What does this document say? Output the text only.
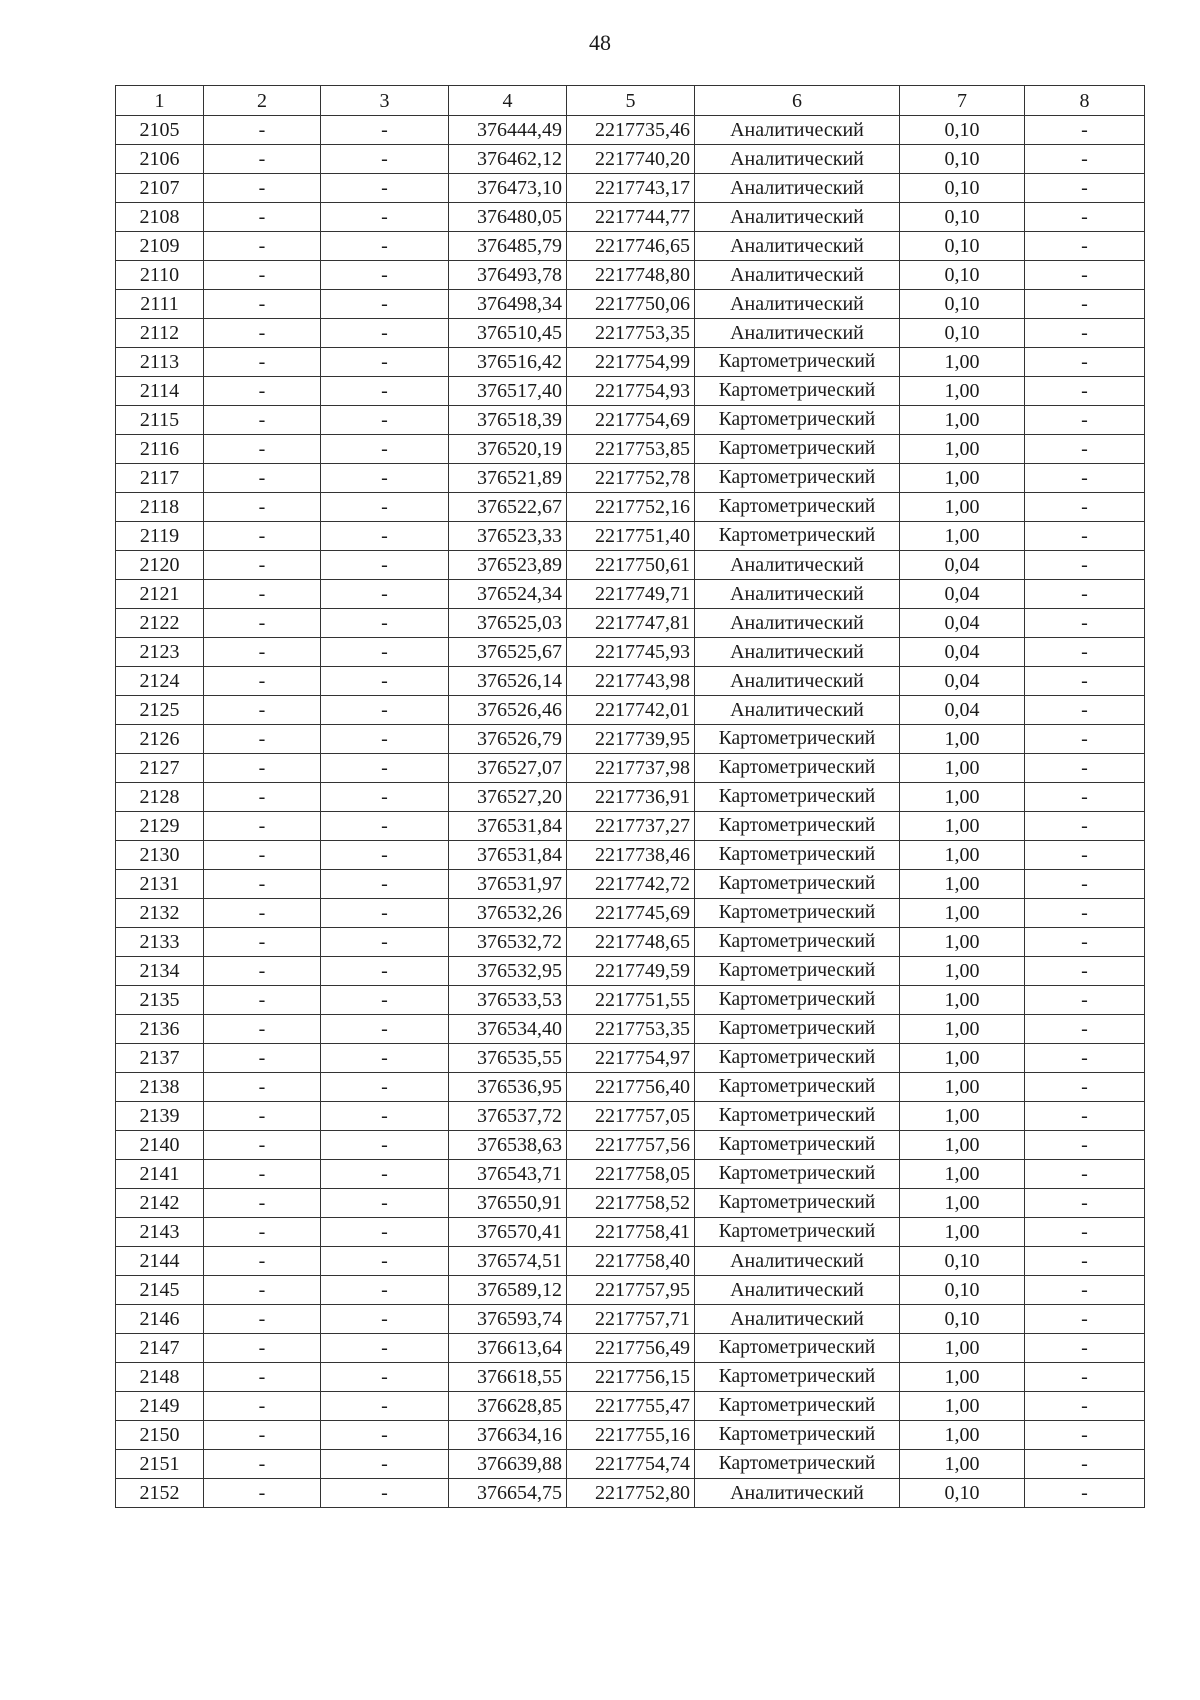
48
1	2	3	4	5	6	7	8
2105	-	-	376444,49	2217735,46	Аналитический	0,10	-
2106	-	-	376462,12	2217740,20	Аналитический	0,10	-
2107	-	-	376473,10	2217743,17	Аналитический	0,10	-
2108	-	-	376480,05	2217744,77	Аналитический	0,10	-
2109	-	-	376485,79	2217746,65	Аналитический	0,10	-
2110	-	-	376493,78	2217748,80	Аналитический	0,10	-
2111	-	-	376498,34	2217750,06	Аналитический	0,10	-
2112	-	-	376510,45	2217753,35	Аналитический	0,10	-
2113	-	-	376516,42	2217754,99	Картометрический	1,00	-
2114	-	-	376517,40	2217754,93	Картометрический	1,00	-
2115	-	-	376518,39	2217754,69	Картометрический	1,00	-
2116	-	-	376520,19	2217753,85	Картометрический	1,00	-
2117	-	-	376521,89	2217752,78	Картометрический	1,00	-
2118	-	-	376522,67	2217752,16	Картометрический	1,00	-
2119	-	-	376523,33	2217751,40	Картометрический	1,00	-
2120	-	-	376523,89	2217750,61	Аналитический	0,04	-
2121	-	-	376524,34	2217749,71	Аналитический	0,04	-
2122	-	-	376525,03	2217747,81	Аналитический	0,04	-
2123	-	-	376525,67	2217745,93	Аналитический	0,04	-
2124	-	-	376526,14	2217743,98	Аналитический	0,04	-
2125	-	-	376526,46	2217742,01	Аналитический	0,04	-
2126	-	-	376526,79	2217739,95	Картометрический	1,00	-
2127	-	-	376527,07	2217737,98	Картометрический	1,00	-
2128	-	-	376527,20	2217736,91	Картометрический	1,00	-
2129	-	-	376531,84	2217737,27	Картометрический	1,00	-
2130	-	-	376531,84	2217738,46	Картометрический	1,00	-
2131	-	-	376531,97	2217742,72	Картометрический	1,00	-
2132	-	-	376532,26	2217745,69	Картометрический	1,00	-
2133	-	-	376532,72	2217748,65	Картометрический	1,00	-
2134	-	-	376532,95	2217749,59	Картометрический	1,00	-
2135	-	-	376533,53	2217751,55	Картометрический	1,00	-
2136	-	-	376534,40	2217753,35	Картометрический	1,00	-
2137	-	-	376535,55	2217754,97	Картометрический	1,00	-
2138	-	-	376536,95	2217756,40	Картометрический	1,00	-
2139	-	-	376537,72	2217757,05	Картометрический	1,00	-
2140	-	-	376538,63	2217757,56	Картометрический	1,00	-
2141	-	-	376543,71	2217758,05	Картометрический	1,00	-
2142	-	-	376550,91	2217758,52	Картометрический	1,00	-
2143	-	-	376570,41	2217758,41	Картометрический	1,00	-
2144	-	-	376574,51	2217758,40	Аналитический	0,10	-
2145	-	-	376589,12	2217757,95	Аналитический	0,10	-
2146	-	-	376593,74	2217757,71	Аналитический	0,10	-
2147	-	-	376613,64	2217756,49	Картометрический	1,00	-
2148	-	-	376618,55	2217756,15	Картометрический	1,00	-
2149	-	-	376628,85	2217755,47	Картометрический	1,00	-
2150	-	-	376634,16	2217755,16	Картометрический	1,00	-
2151	-	-	376639,88	2217754,74	Картометрический	1,00	-
2152	-	-	376654,75	2217752,80	Аналитический	0,10	-
